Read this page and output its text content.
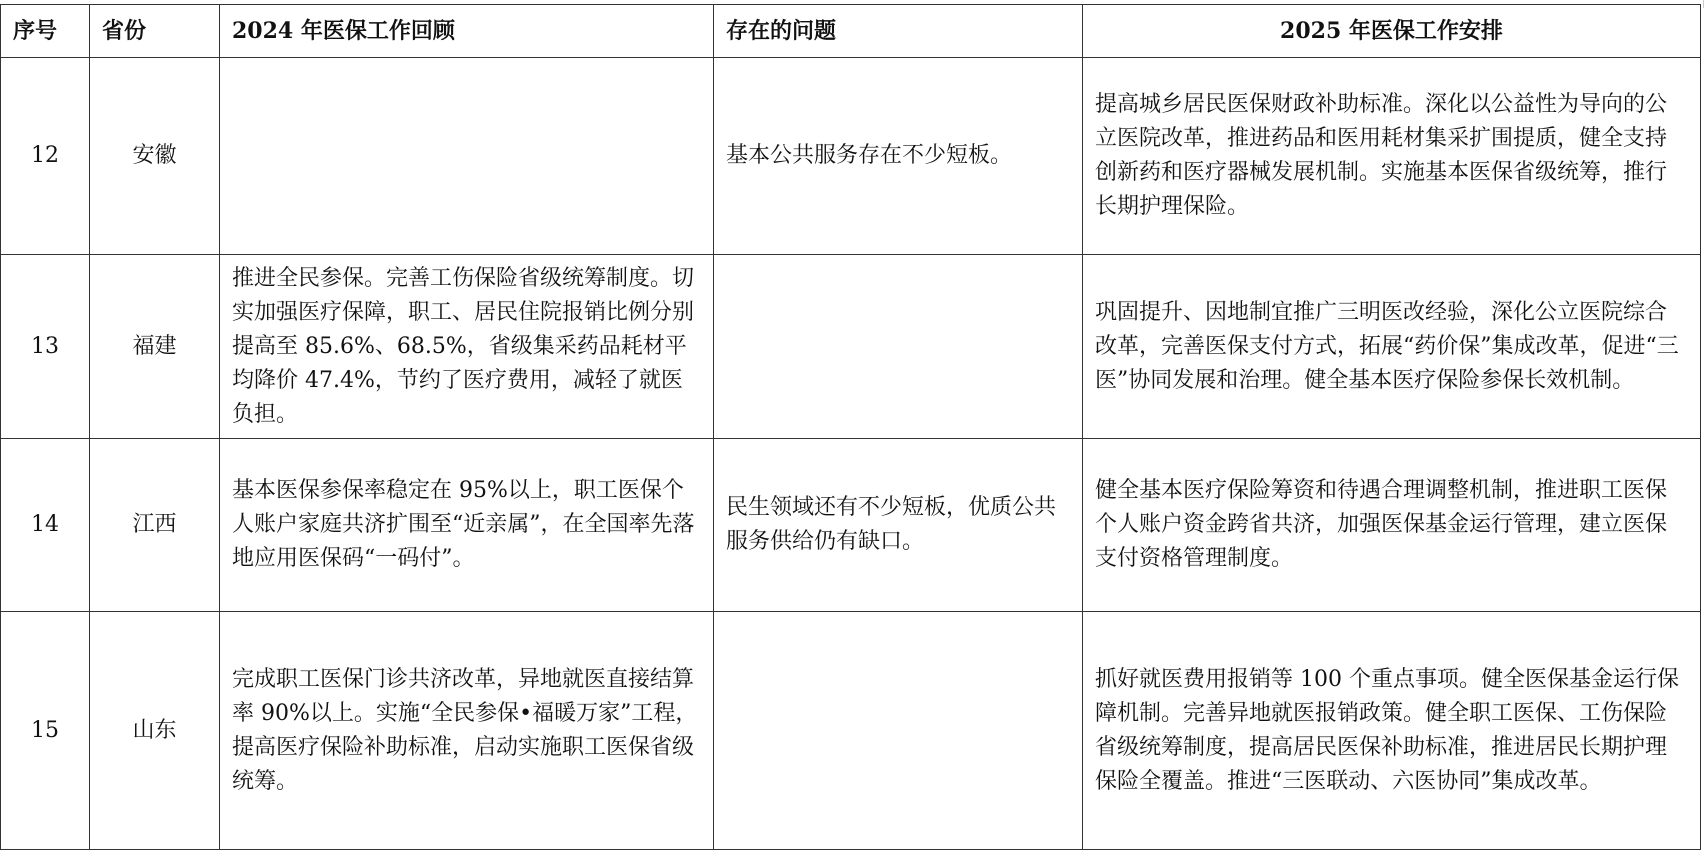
序号	省份	2024 年医保工作回顾	存在的问题	2025 年医保工作安排
12	安徽		基本公共服务存在不少短板。	提高城乡居民医保财政补助标准。深化以公益性为导向的公立医院改革，推进药品和医用耗材集采扩围提质，健全支持创新药和医疗器械发展机制。实施基本医保省级统筹，推行长期护理保险。
13	福建	推进全民参保。完善工伤保险省级统筹制度。切实加强医疗保障，职工、居民住院报销比例分别提高至 85.6%、68.5%，省级集采药品耗材平均降价 47.4%，节约了医疗费用，减轻了就医负担。		巩固提升、因地制宜推广三明医改经验，深化公立医院综合改革，完善医保支付方式，拓展“药价保”集成改革，促进“三医”协同发展和治理。健全基本医疗保险参保长效机制。
14	江西	基本医保参保率稳定在 95%以上，职工医保个人账户家庭共济扩围至“近亲属”，在全国率先落地应用医保码“一码付”。	民生领域还有不少短板，优质公共服务供给仍有缺口。	健全基本医疗保险筹资和待遇合理调整机制，推进职工医保个人账户资金跨省共济，加强医保基金运行管理，建立医保支付资格管理制度。
15	山东	完成职工医保门诊共济改革，异地就医直接结算率 90%以上。实施“全民参保•福暖万家”工程，提高医疗保险补助标准，启动实施职工医保省级统筹。		抓好就医费用报销等 100 个重点事项。健全医保基金运行保障机制。完善异地就医报销政策。健全职工医保、工伤保险省级统筹制度，提高居民医保补助标准，推进居民长期护理保险全覆盖。推进“三医联动、六医协同”集成改革。
